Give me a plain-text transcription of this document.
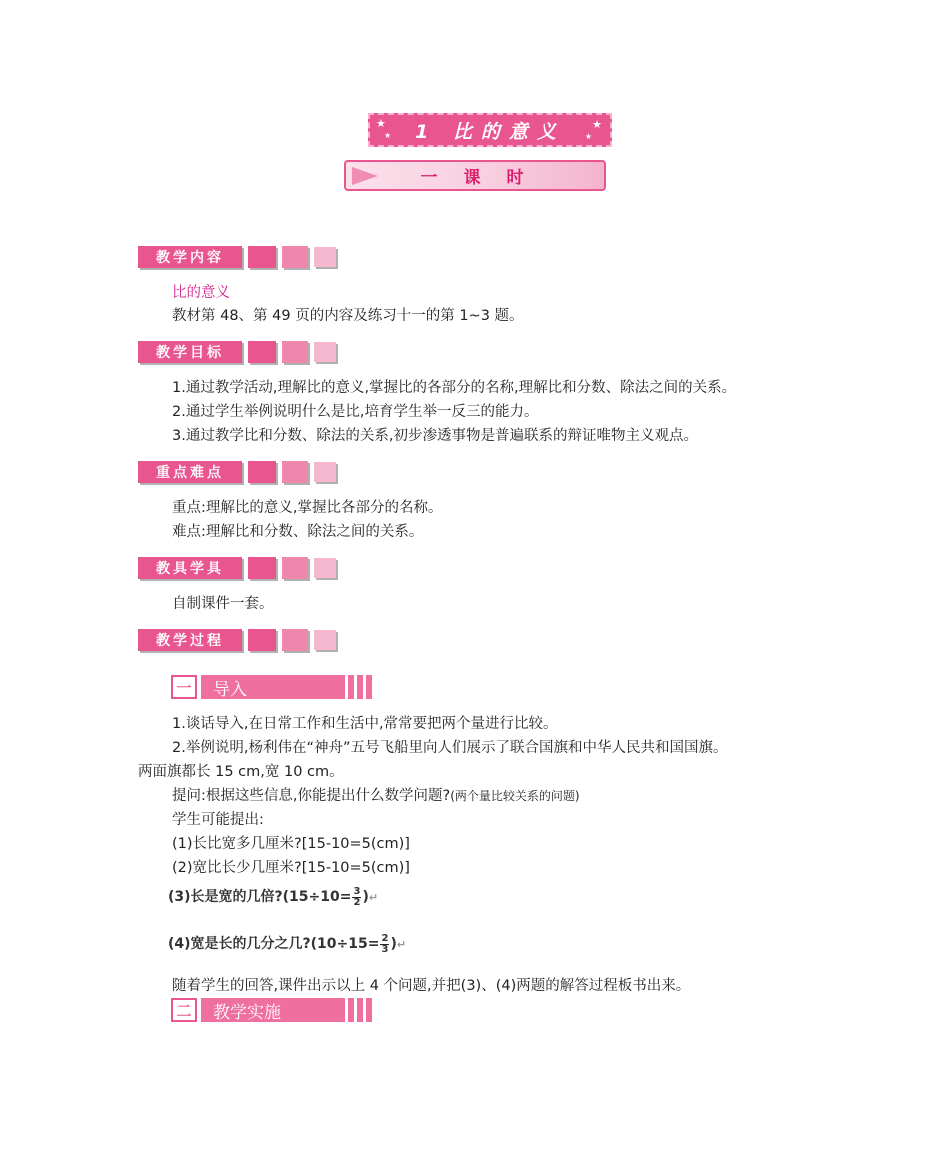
★
★ 1 比的意义 ★
★
一课时
教学内容
比的意义
教材第 48、第 49 页的内容及练习十一的第 1~3 题。
教学目标
1.通过教学活动,理解比的意义,掌握比的各部分的名称,理解比和分数、除法之间的关系。
2.通过学生举例说明什么是比,培育学生举一反三的能力。
3.通过教学比和分数、除法的关系,初步渗透事物是普遍联系的辩证唯物主义观点。
重点难点
重点:理解比的意义,掌握比各部分的名称。
难点:理解比和分数、除法之间的关系。
教具学具
自制课件一套。
教学过程
一	导入
1.谈话导入,在日常工作和生活中,常常要把两个量进行比较。
2.举例说明,杨利伟在“神舟”五号飞船里向人们展示了联合国旗和中华人民共和国国旗。
两面旗都长 15 cm,宽 10 cm。
提问:根据这些信息,你能提出什么数学问题?(两个量比较关系的问题)
学生可能提出:
(1)长比宽多几厘米?[15-10=5(cm)]
(2)宽比长少几厘米?[15-10=5(cm)]
(3)长是宽的几倍?(15÷10= $\frac{3}{2}$ )↵
(4)宽是长的几分之几?(10÷15= $\frac{2}{3}$ )↵
随着学生的回答,课件出示以上 4 个问题,并把(3)、(4)两题的解答过程板书出来。
二	教学实施
